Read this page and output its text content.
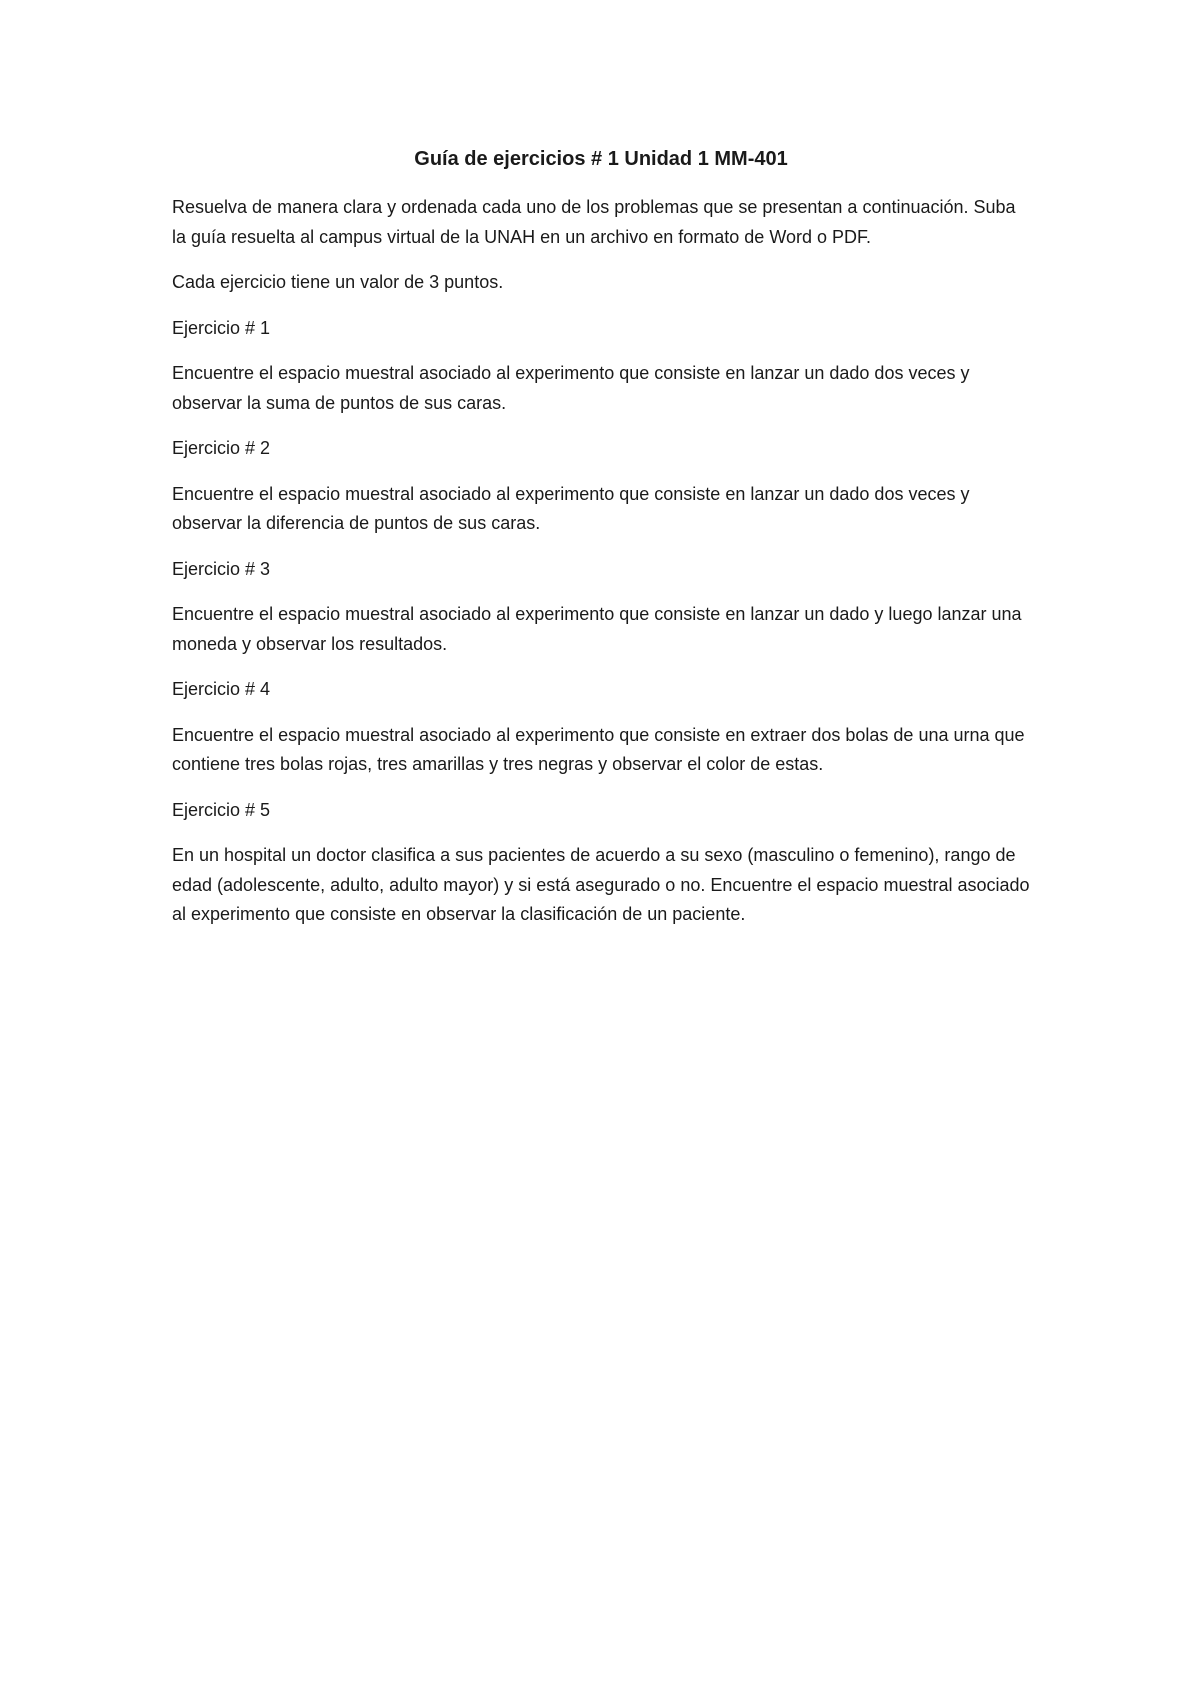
Guía de ejercicios # 1 Unidad 1 MM-401

Resuelva de manera clara y ordenada cada uno de los problemas que se presentan a continuación. Suba la guía resuelta al campus virtual de la UNAH en un archivo en formato de Word o PDF.

Cada ejercicio tiene un valor de 3 puntos.

Ejercicio # 1

Encuentre el espacio muestral asociado al experimento que consiste en lanzar un dado dos veces y observar la suma de puntos de sus caras.

Ejercicio # 2

Encuentre el espacio muestral asociado al experimento que consiste en lanzar un dado dos veces y observar la diferencia de puntos de sus caras.

Ejercicio # 3

Encuentre el espacio muestral asociado al experimento que consiste en lanzar un dado y luego lanzar una moneda y observar los resultados.

Ejercicio # 4

Encuentre el espacio muestral asociado al experimento que consiste en extraer dos bolas de una urna que contiene tres bolas rojas, tres amarillas y tres negras y observar el color de estas.

Ejercicio # 5

En un hospital un doctor clasifica a sus pacientes de acuerdo a su sexo (masculino o femenino), rango de edad (adolescente, adulto, adulto mayor) y si está asegurado o no. Encuentre el espacio muestral asociado al experimento que consiste en observar la clasificación de un paciente.
